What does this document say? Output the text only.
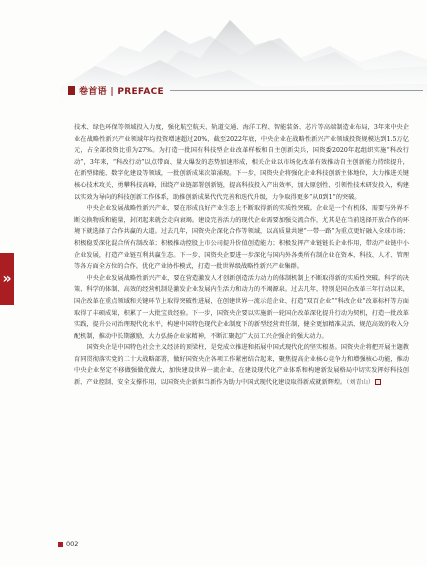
卷首语 | PREFACE
»

技术、绿色环保等领域投入力度，强化航空航天、轨道交通、海洋工程、智能装备、芯片等高端制造业布局，3年来中央企业在战略性新兴产业领域年均投资增速超过20%，截至2022年底，中央企业在战略性新兴产业领域投资规模达到1.5万亿元，占全部投资比重为27%。为打造一批国有科技型企业改革样板和自主创新尖兵，国资委2020年起组织实施“科改行动”，3年来，“科改行动”以点带面、量大爆发的态势加速形成，相关企业以市场化改革有效推动自主创新能力持续提升，在新型储能、数字化建设等领域，一批创新成果次第涌现。下一步，国资央企将强化企业科技创新主体地位，大力推进关键核心技术攻关，勇攀科技高峰，围绕产业链部署创新链，提高科技投入产出效率，加大原创性、引领性技术研发投入，构建以实效为导向的科技创新工作体系，助推创新成果代代完善和迭代升级，力争取得更多“从0到1”的突破。

中央企业发展战略性新兴产业，要在形成良好产业生态上不断取得新的实质性突破。企业是一个有机体，需要与外界不断交换物质和能量，封闭起来就会走向衰竭。建设完善活力的现代企业需要加强交流合作，尤其是在当前选择开放合作的环境下就选择了合作共赢的大道。过去几年，国资央企深化合作等领域，以高质量共建“一带一路”为重点更好融入全球市场；积极稳妥深化混合所有制改革；积极推动控股上市公司提升价值创造能力；积极发挥产业链链长企业作用，带动产业链中小企业发展，打造产业链互利共赢生态。下一步，国资央企要进一步深化与国内外各类所有制企业在资本、科技、人才、管理等各方面全方位的合作，优化产业协作模式，打造一批世界级战略性新兴产业集群。

中央企业发展战略性新兴产业，要在营造激发人才创新创造活力动力的体制机制上不断取得新的实质性突破。科学的决策、科学的体制、高效的经营机制是激发企业发展内生活力和动力的不竭源泉。过去几年，特别是国企改革三年行动以来，国企改革在重点领域和关键环节上取得突破性进展，在创建世界一流示范企业、打造“双百企业”“科改企业”改革标杆等方面取得了丰硕成果，积累了一大批宝贵经验。下一步，国资央企要以实施新一轮国企改革深化提升行动为契机，打造一批改革实践，提升公司治理现代化水平，构建中国特色现代企业制度下的新型经营责任制，健全更加精准灵活、规范高效的收入分配机制，推动中长期激励，大力弘扬企业家精神，不断汇聚起广大员工兴企强企的强大动力。

国资央企是中国特色社会主义经济的顶梁柱，是党成立推进和拓展中国式现代化的坚实根基。国资央企将把开展主题教育同贯彻落实党的二十大战略部署，做好国资央企各项工作紧密结合起来，聚焦提高企业核心竞争力和增强核心功能，推动中央企业坚定不移做强做优做大，加快建设世界一流企业，在建设现代化产业体系和构建新发展格局中切实发挥好科技创新、产业控制、安全支撑作用，以国资央企新担当新作为助力中国式现代化建设取得新成就新辉煌。（刘青山）

002
